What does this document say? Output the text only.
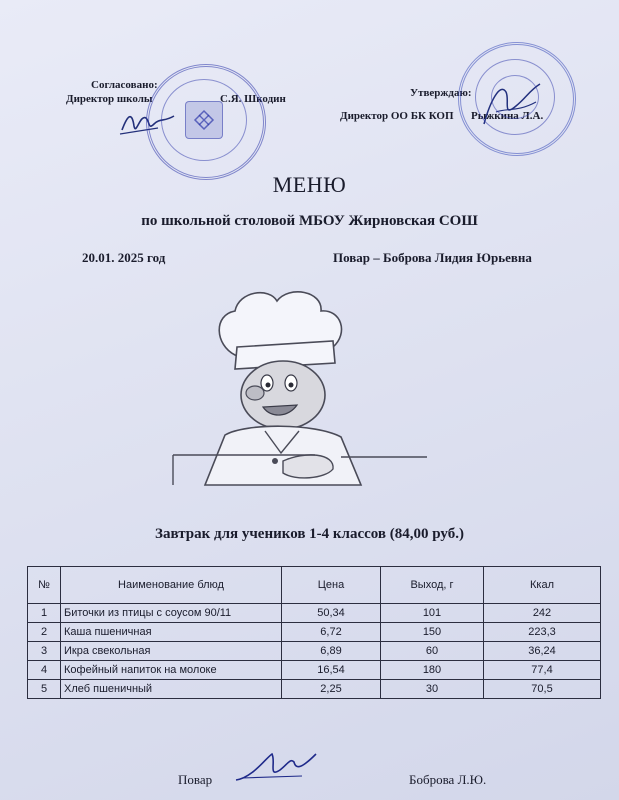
Согласовано:
Директор школы	С.Я. Шкодин	Утверждаю:
Директор ОО БК КОП Рыжкина Л.А.
МЕНЮ
по школьной столовой МБОУ Жирновская СОШ
20.01. 2025 год	Повар – Боброва Лидия Юрьевна
Завтрак для учеников 1-4 классов (84,00 руб.)
№	Наименование блюд	Цена	Выход, г	Ккал
1	Биточки из птицы с соусом 90/11	50,34	101	242
2	Каша пшеничная	6,72	150	223,3
3	Икра свекольная	6,89	60	36,24
4	Кофейный напиток на молоке	16,54	180	77,4
5	Хлеб пшеничный	2,25	30	70,5
Повар	Боброва Л.Ю.
